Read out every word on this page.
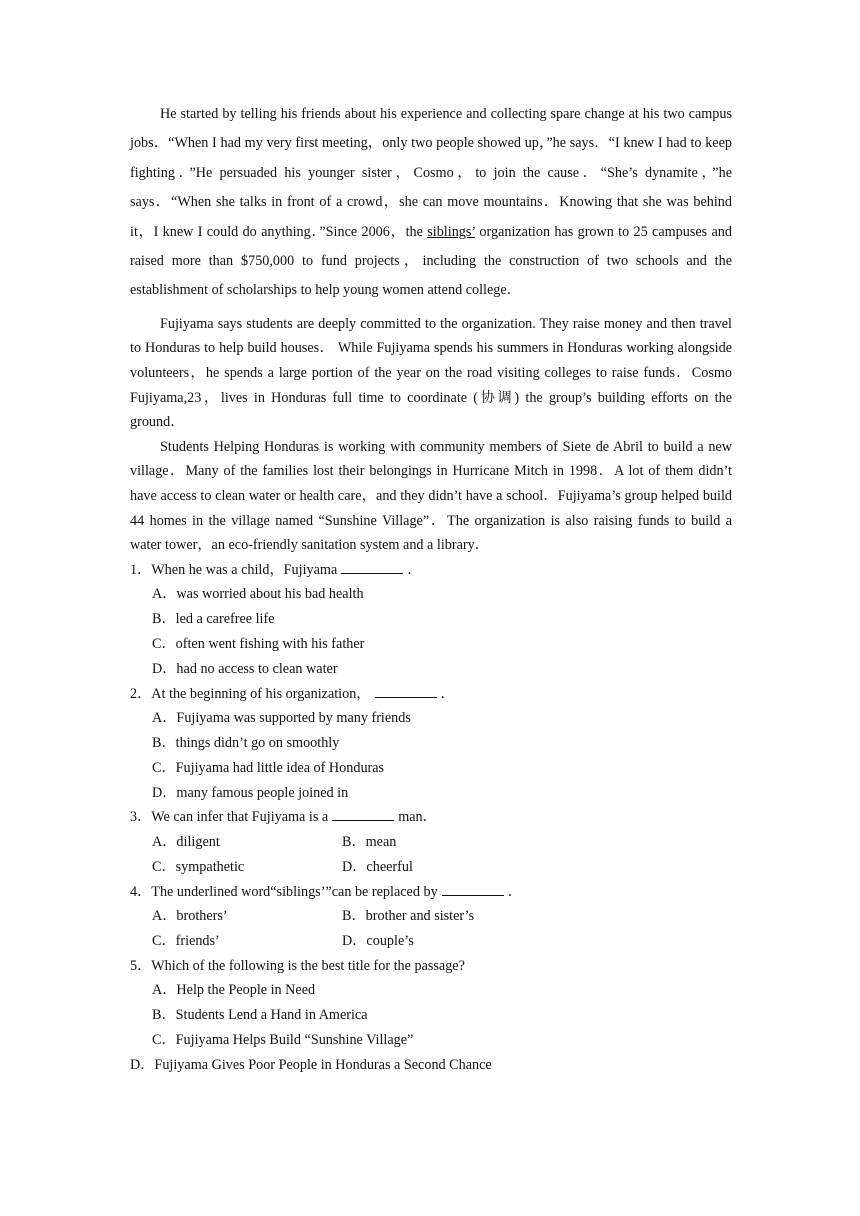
He started by telling his friends about his experience and collecting spare change at his two campus jobs．“When I had my very first meeting，only two people showed up，”he says．“I knew I had to keep fighting．”He persuaded his younger sister，Cosmo，to join the cause．“She’s dynamite，”he says．“When she talks in front of a crowd，she can move mountains．Knowing that she was behind it，I knew I could do anything．”Since 2006，the siblings’ organization has grown to 25 campuses and raised more than $750,000 to fund projects，including the construction of two schools and the establishment of scholarships to help young women attend college．

Fujiyama says students are deeply committed to the organization. They raise money and then travel to Honduras to help build houses． While Fujiyama spends his summers in Honduras working alongside volunteers，he spends a large portion of the year on the road visiting colleges to raise funds．Cosmo Fujiyama,23，lives in Honduras full time to coordinate (协调) the group’s building efforts on the ground．

Students Helping Honduras is working with community members of Siete de Abril to build a new village．Many of the families lost their belongings in Hurricane Mitch in 1998．A lot of them didn’t have access to clean water or health care，and they didn’t have a school．Fujiyama’s group helped build 44 homes in the village named “Sunshine Village”．The organization is also raising funds to build a water tower，an eco-friendly sanitation system and a library．

1．When he was a child，Fujiyama	．

A．was worried about his bad health

B．led a carefree life

C．often went fishing with his father

D．had no access to clean water

2．At the beginning of his organization，	．

A．Fujiyama was supported by many friends

B．things didn’t go on smoothly

C．Fujiyama had little idea of Honduras

D．many famous people joined in

3．We can infer that Fujiyama is a	man．

A．diligent	B．mean
C．sympathetic	D．cheerful

4．The underlined word“siblings’”can be replaced by	．

A．brothers’	B．brother and sister’s
C．friends’	D．couple’s

5．Which of the following is the best title for the passage?

A．Help the People in Need

B．Students Lend a Hand in America

C．Fujiyama Helps Build “Sunshine Village”

D．Fujiyama Gives Poor People in Honduras a Second Chance
